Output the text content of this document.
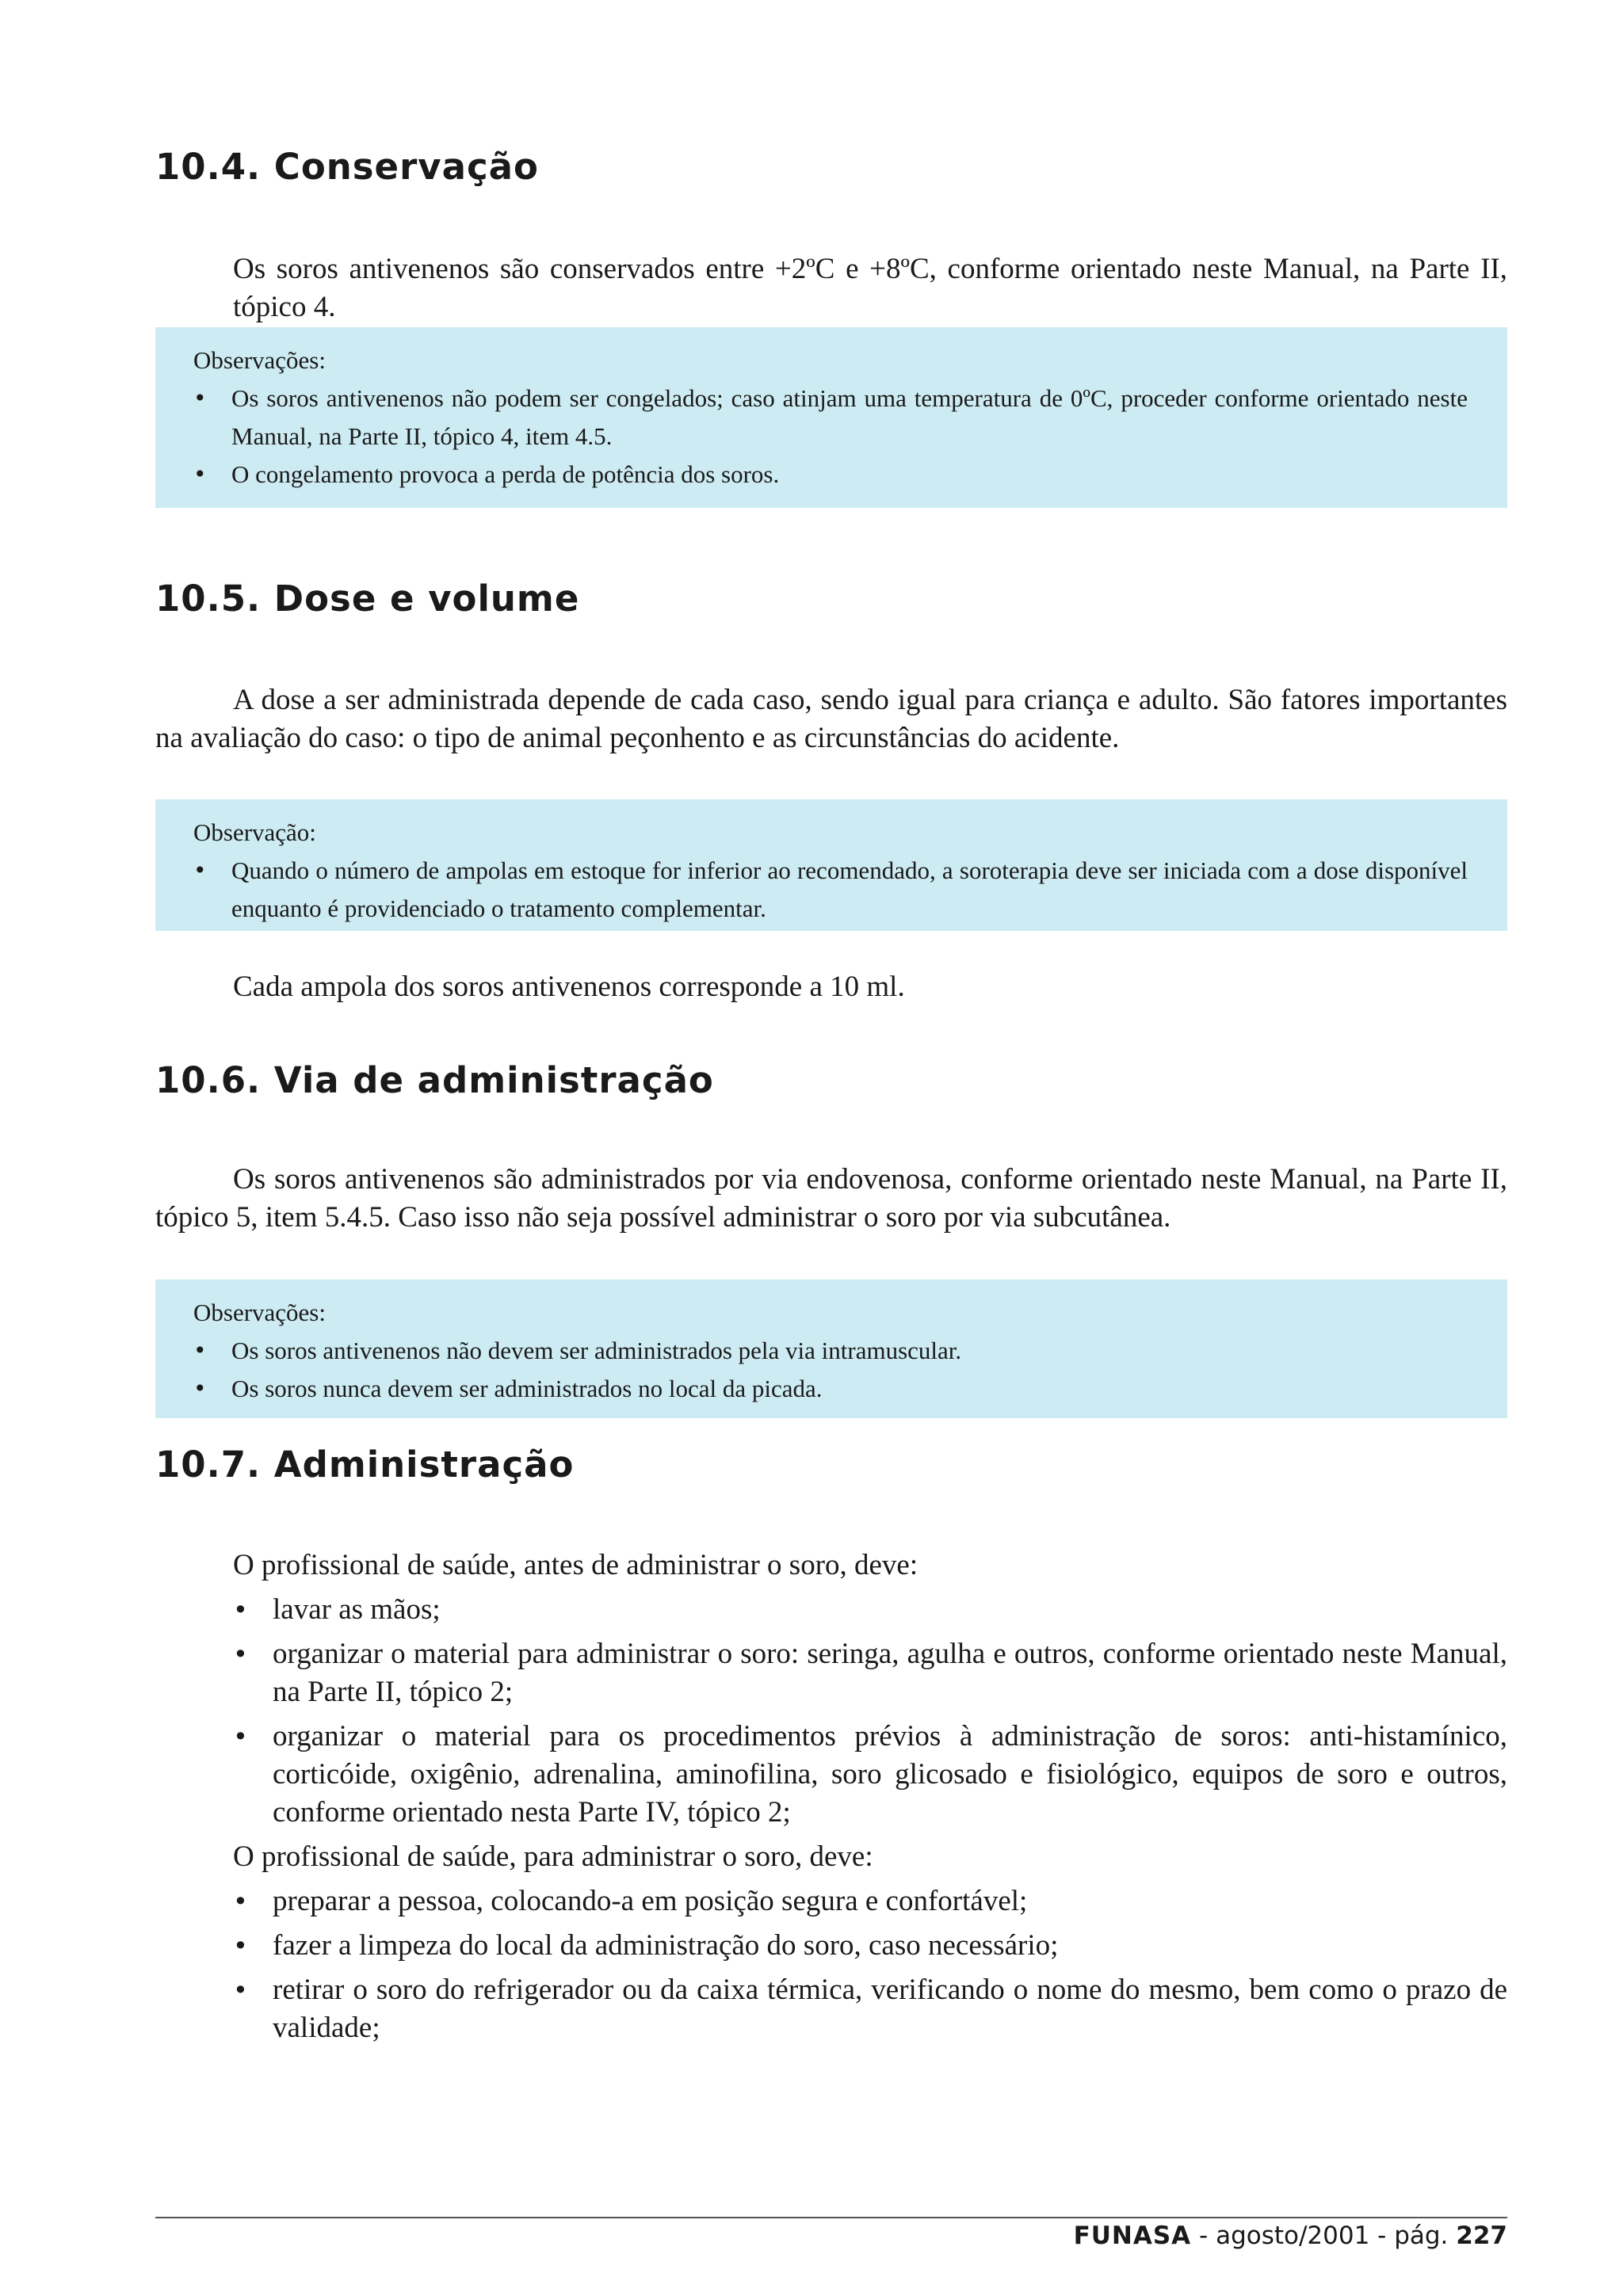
10.4. Conservação
Os soros antivenenos são conservados entre +2ºC e +8ºC, conforme orientado neste Manual, na Parte II, tópico 4.

Observações:

• Os soros antivenenos não podem ser congelados; caso atinjam uma temperatura de 0ºC, proceder conforme orientado neste Manual, na Parte II, tópico 4, item 4.5.
• O congelamento provoca a perda de potência dos soros.
10.5. Dose e volume
A dose a ser administrada depende de cada caso, sendo igual para criança e adulto. São fatores importantes na avaliação do caso: o tipo de animal peçonhento e as circunstâncias do acidente.

Observação:

• Quando o número de ampolas em estoque for inferior ao recomendado, a soroterapia deve ser iniciada com a dose disponível enquanto é providenciado o tratamento complementar.
Cada ampola dos soros antivenenos corresponde a 10 ml.
10.6. Via de administração
Os soros antivenenos são administrados por via endovenosa, conforme orientado neste Manual, na Parte II, tópico 5, item 5.4.5. Caso isso não seja possível administrar o soro por via subcutânea.

Observações:

• Os soros antivenenos não devem ser administrados pela via intramuscular.
• Os soros nunca devem ser administrados no local da picada.
10.7. Administração

O profissional de saúde, antes de administrar o soro, deve:

• lavar as mãos;
• organizar o material para administrar o soro: seringa, agulha e outros, conforme orientado neste Manual, na Parte II, tópico 2;
• organizar o material para os procedimentos prévios à administração de soros: anti-histamínico, corticóide, oxigênio, adrenalina, aminofilina, soro glicosado e fisiológico, equipos de soro e outros, conforme orientado nesta Parte IV, tópico 2;

O profissional de saúde, para administrar o soro, deve:

• preparar a pessoa, colocando-a em posição segura e confortável;
• fazer a limpeza do local da administração do soro, caso necessário;
• retirar o soro do refrigerador ou da caixa térmica, verificando o nome do mesmo, bem como o prazo de validade;
FUNASA - agosto/2001 - pág. 227
